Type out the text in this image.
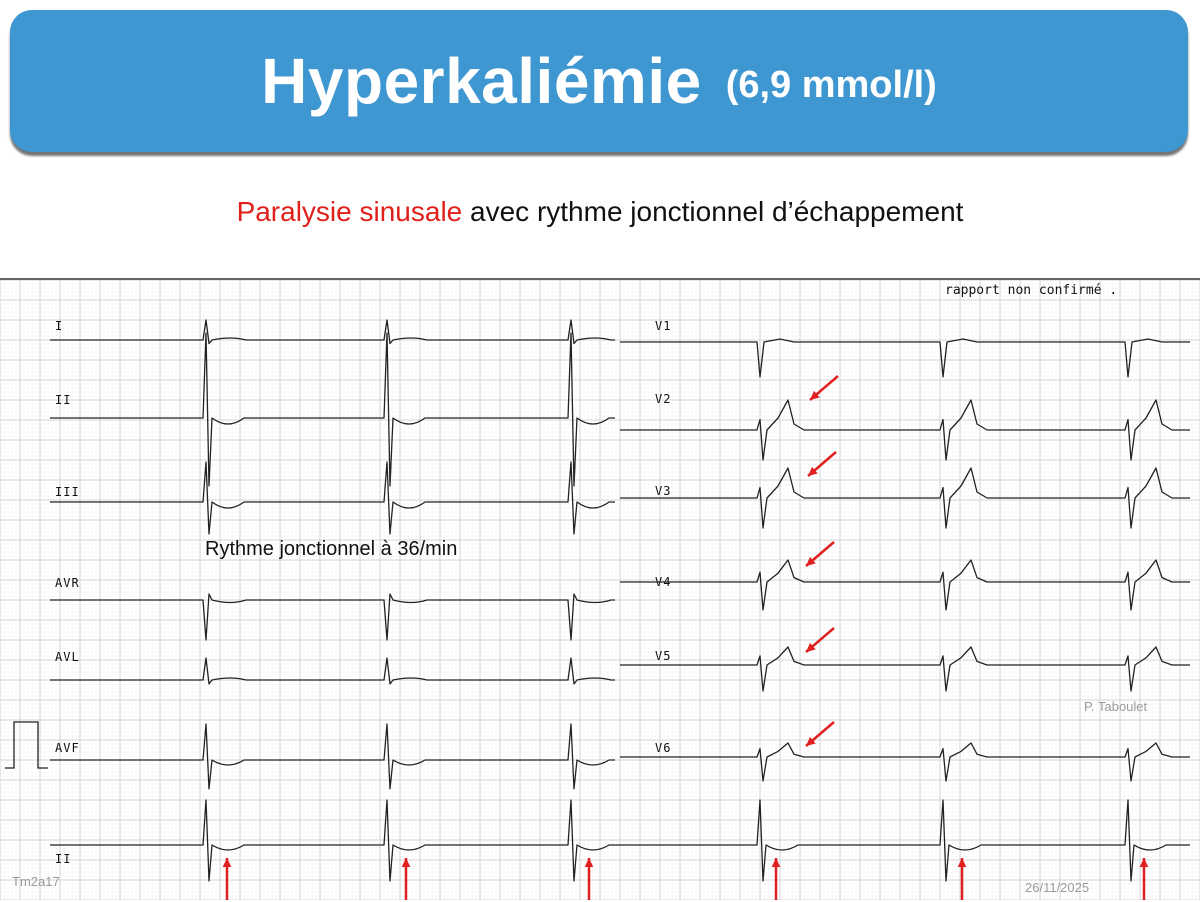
Hyperkaliémie (6,9 mmol/l)
Paralysie sinusale avec rythme jonctionnel d’échappement
I
II
III
AVR
AVL
AVF
II
V1
V2
V3
V4
V5
V6
rapport non confirmé .
Rythme jonctionnel à 36/min
P. Taboulet
Tm2a17	26/11/2025
